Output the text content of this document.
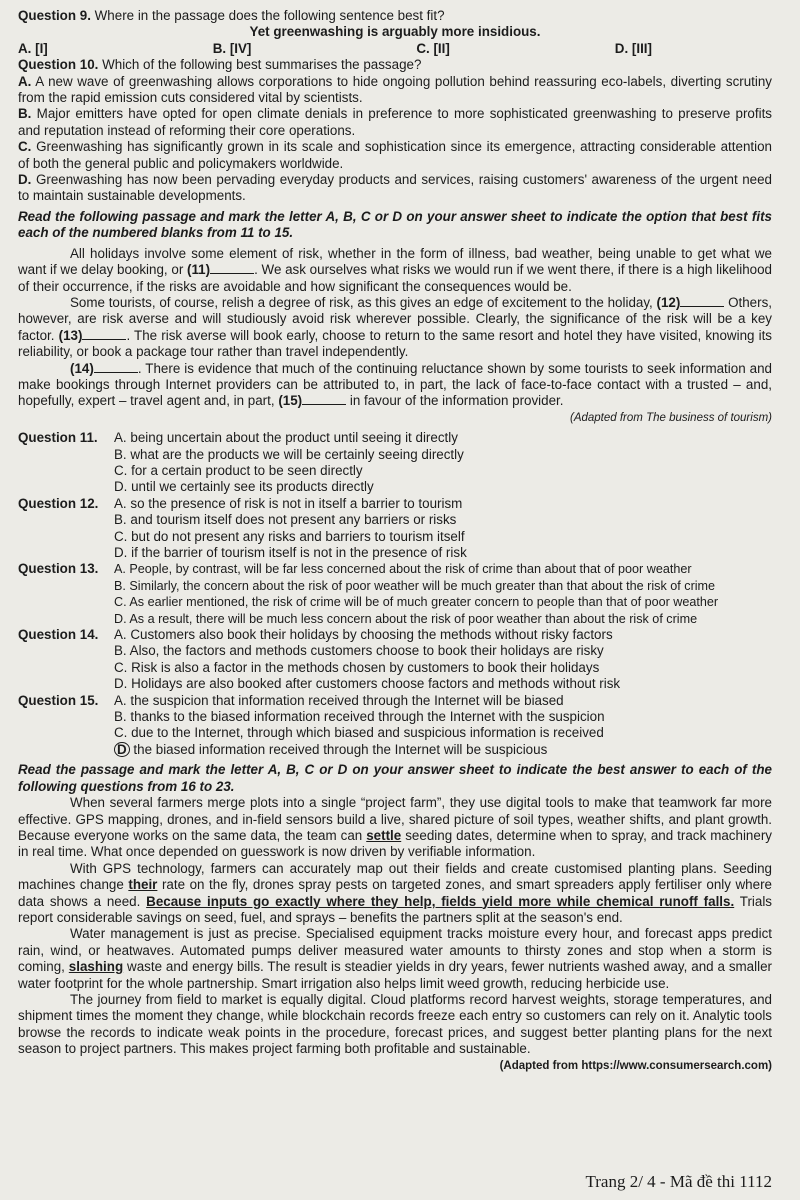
Question 9. Where in the passage does the following sentence best fit?
Yet greenwashing is arguably more insidious.
A. [I]	B. [IV]	C. [II]	D. [III]
Question 10. Which of the following best summarises the passage?
A. A new wave of greenwashing allows corporations to hide ongoing pollution behind reassuring eco-labels, diverting scrutiny from the rapid emission cuts considered vital by scientists.
B. Major emitters have opted for open climate denials in preference to more sophisticated greenwashing to preserve profits and reputation instead of reforming their core operations.
C. Greenwashing has significantly grown in its scale and sophistication since its emergence, attracting considerable attention of both the general public and policymakers worldwide.
D. Greenwashing has now been pervading everyday products and services, raising customers' awareness of the urgent need to maintain sustainable developments.
Read the following passage and mark the letter A, B, C or D on your answer sheet to indicate the option that best fits each of the numbered blanks from 11 to 15.
All holidays involve some element of risk, whether in the form of illness, bad weather, being unable to get what we want if we delay booking, or (11)	. We ask ourselves what risks we would run if we went there, if there is a high likelihood of their occurrence, if the risks are avoidable and how significant the consequences would be.
Some tourists, of course, relish a degree of risk, as this gives an edge of excitement to the holiday, (12)	Others, however, are risk averse and will studiously avoid risk wherever possible. Clearly, the significance of the risk will be a key factor. (13)	. The risk averse will book early, choose to return to the same resort and hotel they have visited, knowing its reliability, or book a package tour rather than travel independently.
(14)	. There is evidence that much of the continuing reluctance shown by some tourists to seek information and make bookings through Internet providers can be attributed to, in part, the lack of face-to-face contact with a trusted – and, hopefully, expert – travel agent and, in part, (15)	in favour of the information provider.
(Adapted from The business of tourism)
Question 11.	A. being uncertain about the product until seeing it directly
B. what are the products we will be certainly seeing directly
C. for a certain product to be seen directly
D. until we certainly see its products directly
Question 12.	A. so the presence of risk is not in itself a barrier to tourism
B. and tourism itself does not present any barriers or risks
C. but do not present any risks and barriers to tourism itself
D. if the barrier of tourism itself is not in the presence of risk
Question 13.	A. People, by contrast, will be far less concerned about the risk of crime than about that of poor weather
B. Similarly, the concern about the risk of poor weather will be much greater than that about the risk of crime
C. As earlier mentioned, the risk of crime will be of much greater concern to people than that of poor weather
D. As a result, there will be much less concern about the risk of poor weather than about the risk of crime
Question 14.	A. Customers also book their holidays by choosing the methods without risky factors
B. Also, the factors and methods customers choose to book their holidays are risky
C. Risk is also a factor in the methods chosen by customers to book their holidays
D. Holidays are also booked after customers choose factors and methods without risk
Question 15.	A. the suspicion that information received through the Internet will be biased
B. thanks to the biased information received through the Internet with the suspicion
C. due to the Internet, through which biased and suspicious information is received
D the biased information received through the Internet will be suspicious
Read the passage and mark the letter A, B, C or D on your answer sheet to indicate the best answer to each of the following questions from 16 to 23.
When several farmers merge plots into a single “project farm”, they use digital tools to make that teamwork far more effective. GPS mapping, drones, and in-field sensors build a live, shared picture of soil types, weather shifts, and plant growth. Because everyone works on the same data, the team can settle seeding dates, determine when to spray, and track machinery in real time. What once depended on guesswork is now driven by verifiable information.
With GPS technology, farmers can accurately map out their fields and create customised planting plans. Seeding machines change their rate on the fly, drones spray pests on targeted zones, and smart spreaders apply fertiliser only where data shows a need. Because inputs go exactly where they help, fields yield more while chemical runoff falls. Trials report considerable savings on seed, fuel, and sprays – benefits the partners split at the season's end.
Water management is just as precise. Specialised equipment tracks moisture every hour, and forecast apps predict rain, wind, or heatwaves. Automated pumps deliver measured water amounts to thirsty zones and stop when a storm is coming, slashing waste and energy bills. The result is steadier yields in dry years, fewer nutrients washed away, and a smaller water footprint for the whole partnership. Smart irrigation also helps limit weed growth, reducing herbicide use.
The journey from field to market is equally digital. Cloud platforms record harvest weights, storage temperatures, and shipment times the moment they change, while blockchain records freeze each entry so customers can rely on it. Analytic tools browse the records to indicate weak points in the procedure, forecast prices, and suggest better planting plans for the next season to project partners. This makes project farming both profitable and sustainable.
(Adapted from https://www.consumersearch.com)
Trang 2/ 4 - Mã đề thi 1112
